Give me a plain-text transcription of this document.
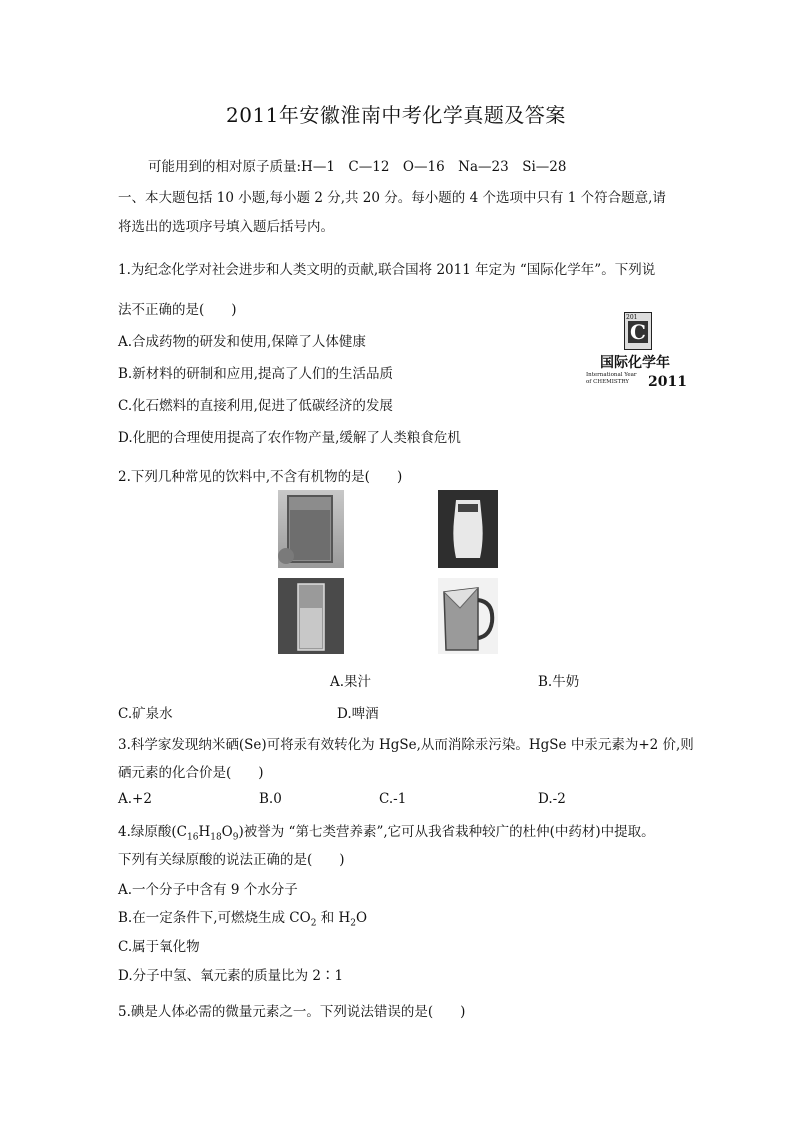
2011年安徽淮南中考化学真题及答案
可能用到的相对原子质量:H—1　C—12　O—16　Na—23　Si—28
一、本大题包括 10 小题,每小题 2 分,共 20 分。每小题的 4 个选项中只有 1 个符合题意,请
将选出的选项序号填入题后括号内。
1.为纪念化学对社会进步和人类文明的贡献,联合国将 2011 年定为 “国际化学年”。下列说
法不正确的是(　　)
A.合成药物的研发和使用,保障了人体健康
B.新材料的研制和应用,提高了人们的生活品质
C.化石燃料的直接利用,促进了低碳经济的发展
D.化肥的合理使用提高了农作物产量,缓解了人类粮食危机
201
C
国际化学年
International Year
of CHEMISTRY	2011
2.下列几种常见的饮料中,不含有机物的是(　　)
A.果汁	B.牛奶
C.矿泉水	D.啤酒
3.科学家发现纳米硒(Se)可将汞有效转化为 HgSe,从而消除汞污染。HgSe 中汞元素为+2 价,则
硒元素的化合价是(　　)
A.+2	B.0	C.-1	D.-2
4.绿原酸$(C_{16}H_{18}O_9)$被誉为 “第七类营养素”,它可从我省栽种较广的杜仲(中药材)中提取。
下列有关绿原酸的说法正确的是(　　)
A.一个分子中含有 9 个水分子
B.在一定条件下,可燃烧生成 $CO_2$ 和 $H_2O$
C.属于氧化物
D.分子中氢、氧元素的质量比为 2∶1
5.碘是人体必需的微量元素之一。下列说法错误的是(　　)
